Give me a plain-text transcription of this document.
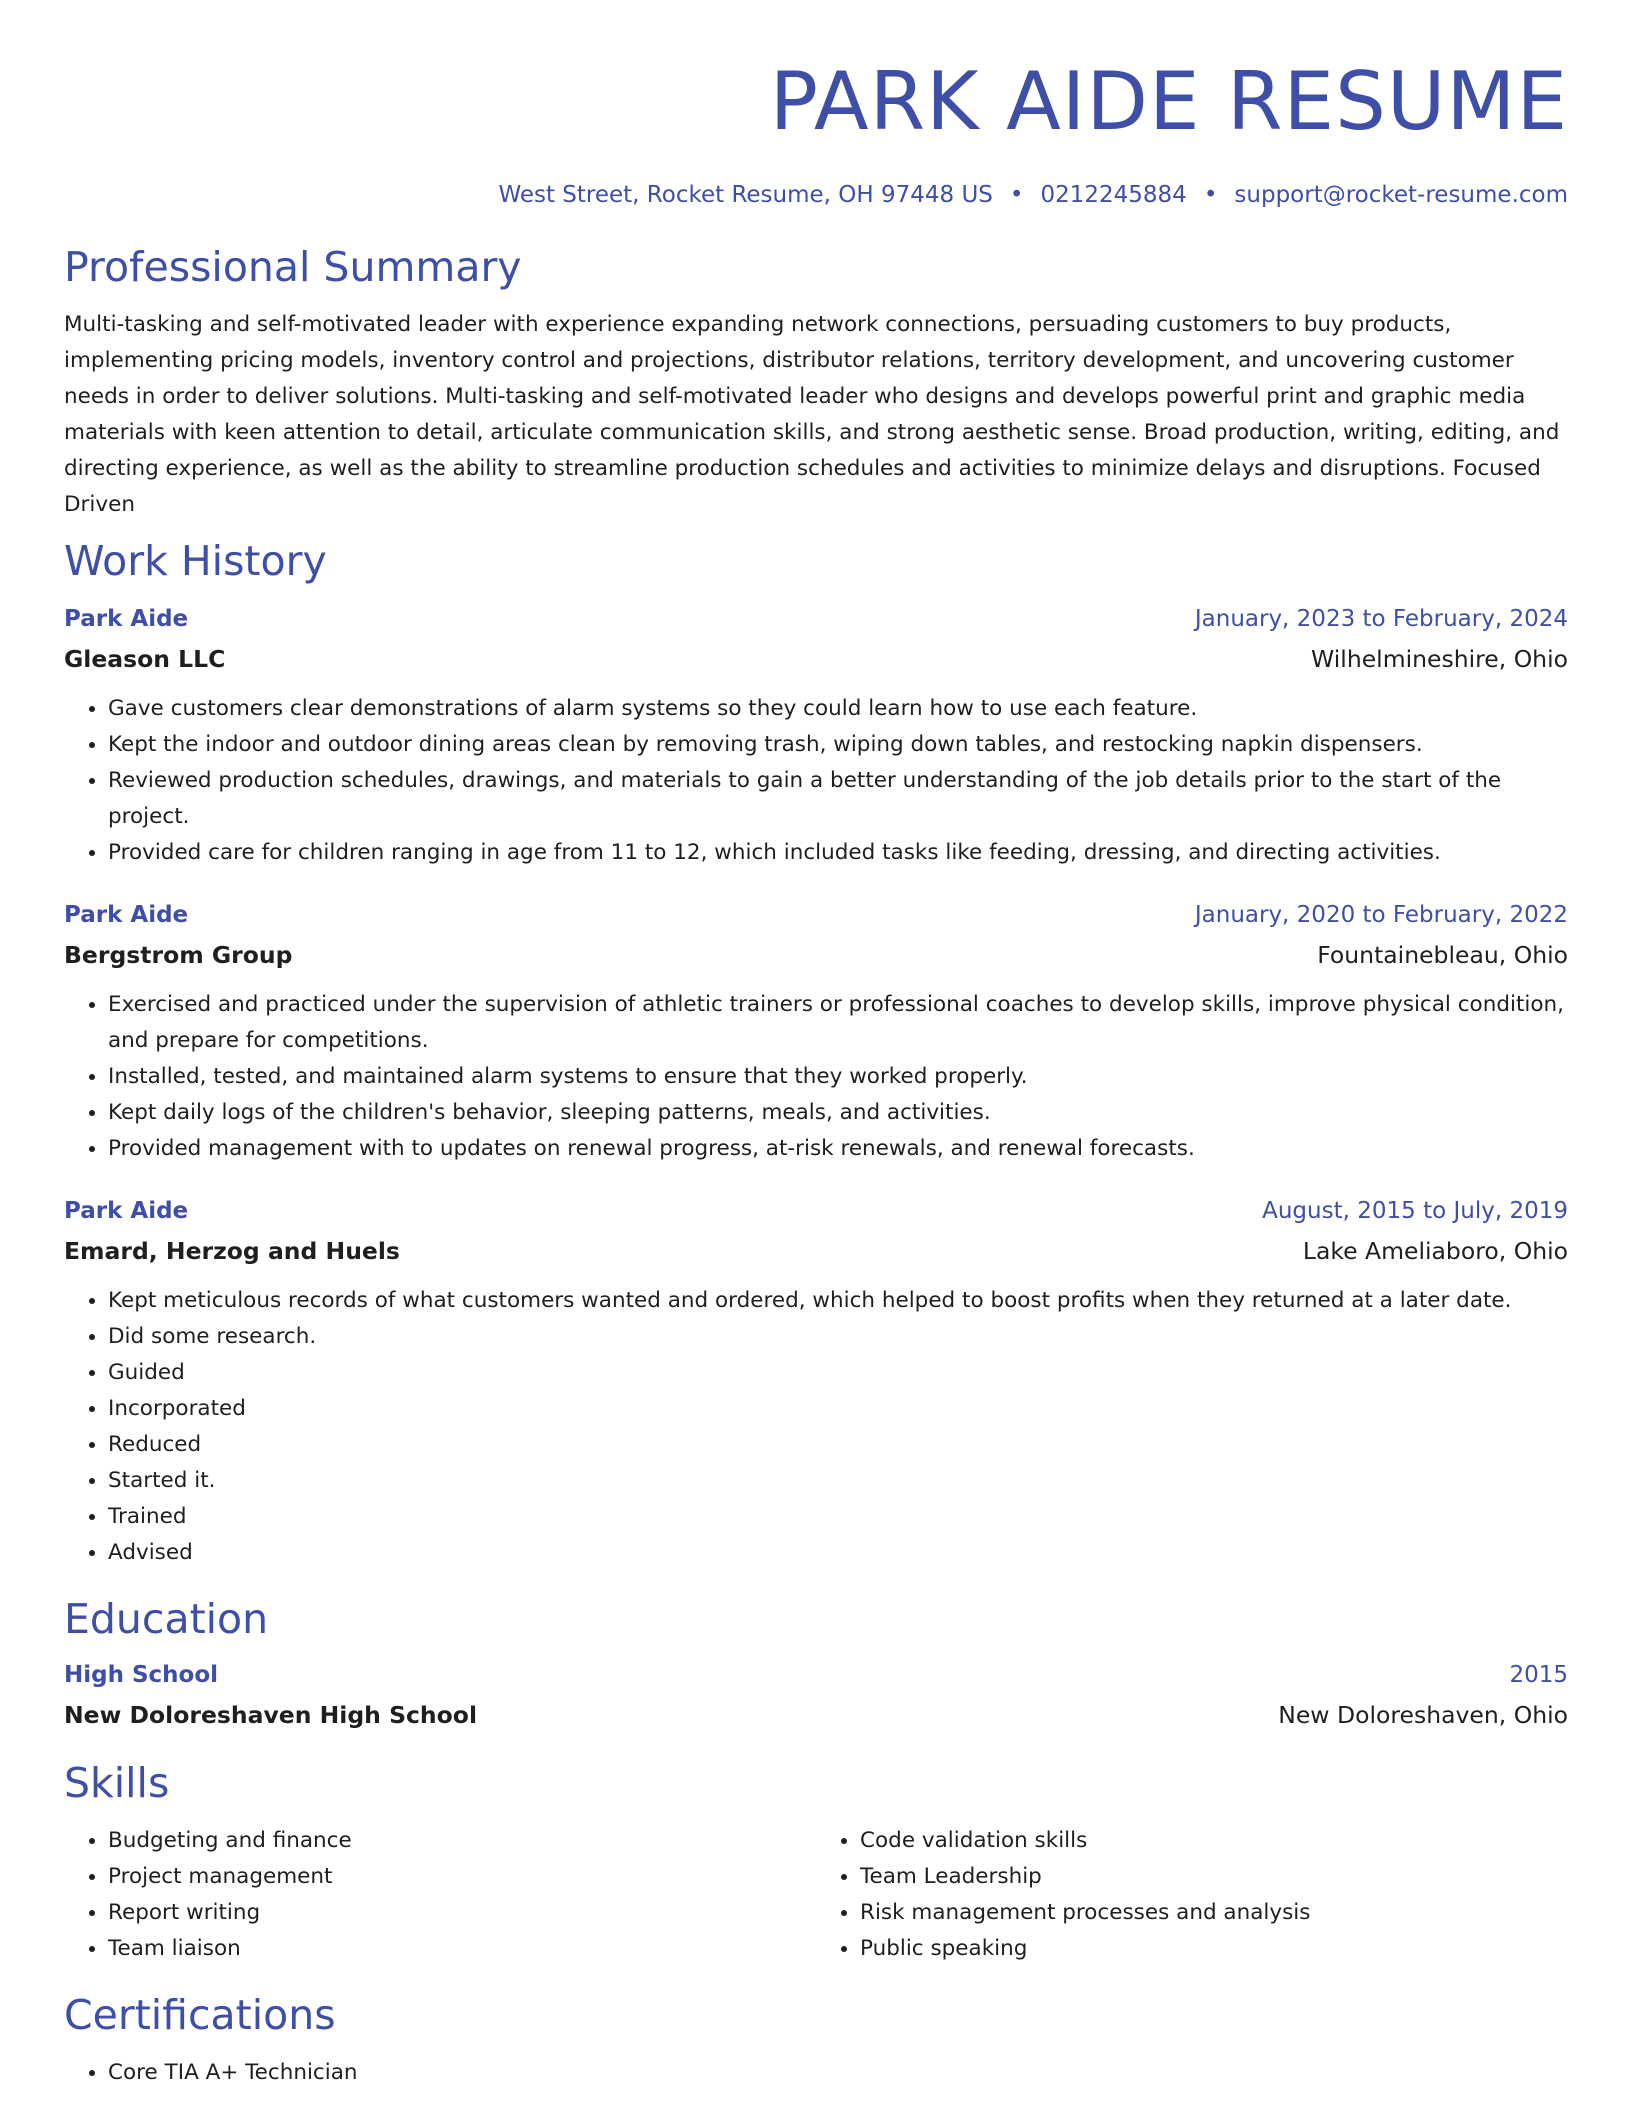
PARK AIDE RESUME
West Street, Rocket Resume, OH 97448 US • 0212245884 • support@rocket-resume.com
Professional Summary

Multi-tasking and self-motivated leader with experience expanding network connections, persuading customers to buy products, implementing pricing models, inventory control and projections, distributor relations, territory development, and uncovering customer needs in order to deliver solutions. Multi-tasking and self-motivated leader who designs and develops powerful print and graphic media materials with keen attention to detail, articulate communication skills, and strong aesthetic sense. Broad production, writing, editing, and directing experience, as well as the ability to streamline production schedules and activities to minimize delays and disruptions. Focused Driven

Work History
Park Aide	January, 2023 to February, 2024
Gleason LLC	Wilhelmineshire, Ohio
• Gave customers clear demonstrations of alarm systems so they could learn how to use each feature.
• Kept the indoor and outdoor dining areas clean by removing trash, wiping down tables, and restocking napkin dispensers.
• Reviewed production schedules, drawings, and materials to gain a better understanding of the job details prior to the start of the project.
• Provided care for children ranging in age from 11 to 12, which included tasks like feeding, dressing, and directing activities.
Park Aide	January, 2020 to February, 2022
Bergstrom Group	Fountainebleau, Ohio
• Exercised and practiced under the supervision of athletic trainers or professional coaches to develop skills, improve physical condition, and prepare for competitions.
• Installed, tested, and maintained alarm systems to ensure that they worked properly.
• Kept daily logs of the children's behavior, sleeping patterns, meals, and activities.
• Provided management with to updates on renewal progress, at-risk renewals, and renewal forecasts.
Park Aide	August, 2015 to July, 2019
Emard, Herzog and Huels	Lake Ameliaboro, Ohio
• Kept meticulous records of what customers wanted and ordered, which helped to boost profits when they returned at a later date.
• Did some research.
• Guided
• Incorporated
• Reduced
• Started it.
• Trained
• Advised
Education
High School	2015
New Doloreshaven High School	New Doloreshaven, Ohio
Skills
• Budgeting and finance
• Project management
• Report writing
• Team liaison
• Code validation skills
• Team Leadership
• Risk management processes and analysis
• Public speaking
Certifications
• Core TIA A+ Technician
